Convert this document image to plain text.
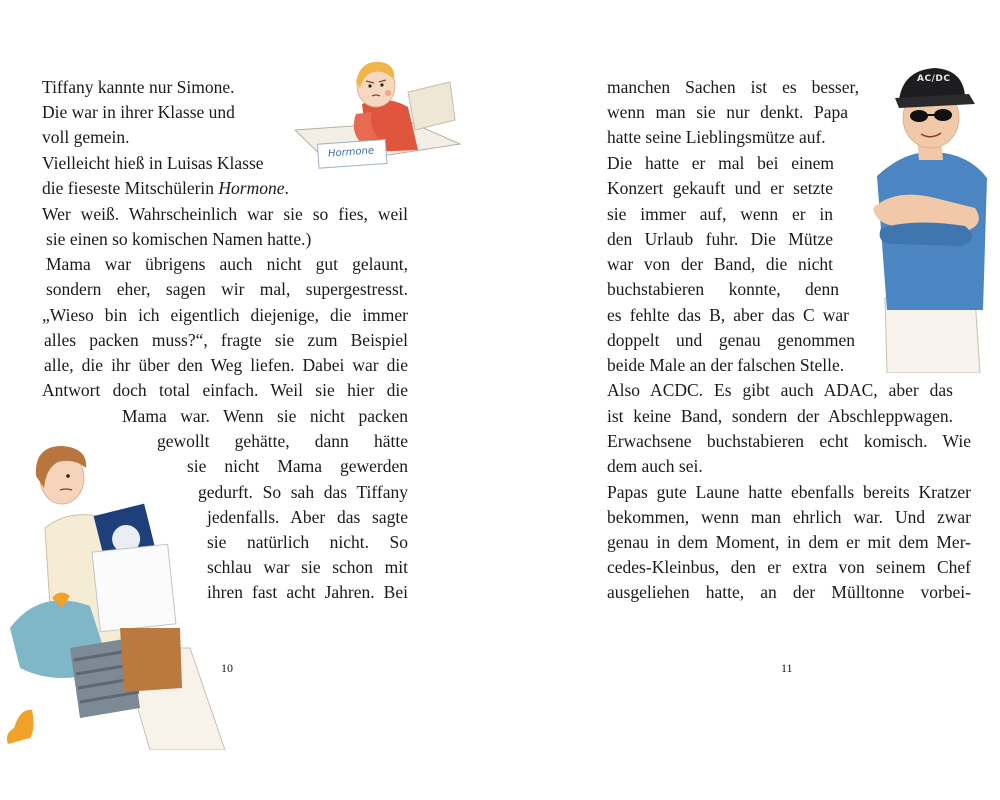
Hormone
Tiffany kannte nur Simone.
Die war in ihrer Klasse und
voll gemein.
Vielleicht hieß in Luisas Klasse
die fieseste Mitschülerin Hormone.
Wer weiß. Wahrscheinlich war sie so fies, weil
sie einen so komischen Namen hatte.)
Mama war übrigens auch nicht gut gelaunt,
sondern eher, sagen wir mal, supergestresst.
„Wieso bin ich eigentlich diejenige, die immer
alles packen muss?“, fragte sie zum Beispiel
alle, die ihr über den Weg liefen. Dabei war die
Antwort doch total einfach. Weil sie hier die
Mama war. Wenn sie nicht packen
gewollt gehätte, dann hätte
sie nicht Mama gewerden
gedurft. So sah das Tiffany
jedenfalls. Aber das sagte
sie natürlich nicht. So
schlau war sie schon mit
ihren fast acht Jahren. Bei
10
AC/DC
manchen Sachen ist es besser,
wenn man sie nur denkt. Papa
hatte seine Lieblingsmütze auf.
Die hatte er mal bei einem
Konzert gekauft und er setzte
sie immer auf, wenn er in
den Urlaub fuhr. Die Mütze
war von der Band, die nicht
buchstabieren konnte, denn
es fehlte das B, aber das C war
doppelt und genau genommen
beide Male an der falschen Stelle.
Also ACDC. Es gibt auch ADAC, aber das
ist keine Band, sondern der Abschleppwagen.
Erwachsene buchstabieren echt komisch. Wie
dem auch sei.
Papas gute Laune hatte ebenfalls bereits Kratzer
bekommen, wenn man ehrlich war. Und zwar
genau in dem Moment, in dem er mit dem Mer-
cedes-Kleinbus, den er extra von seinem Chef
ausgeliehen hatte, an der Mülltonne vorbei-
11
